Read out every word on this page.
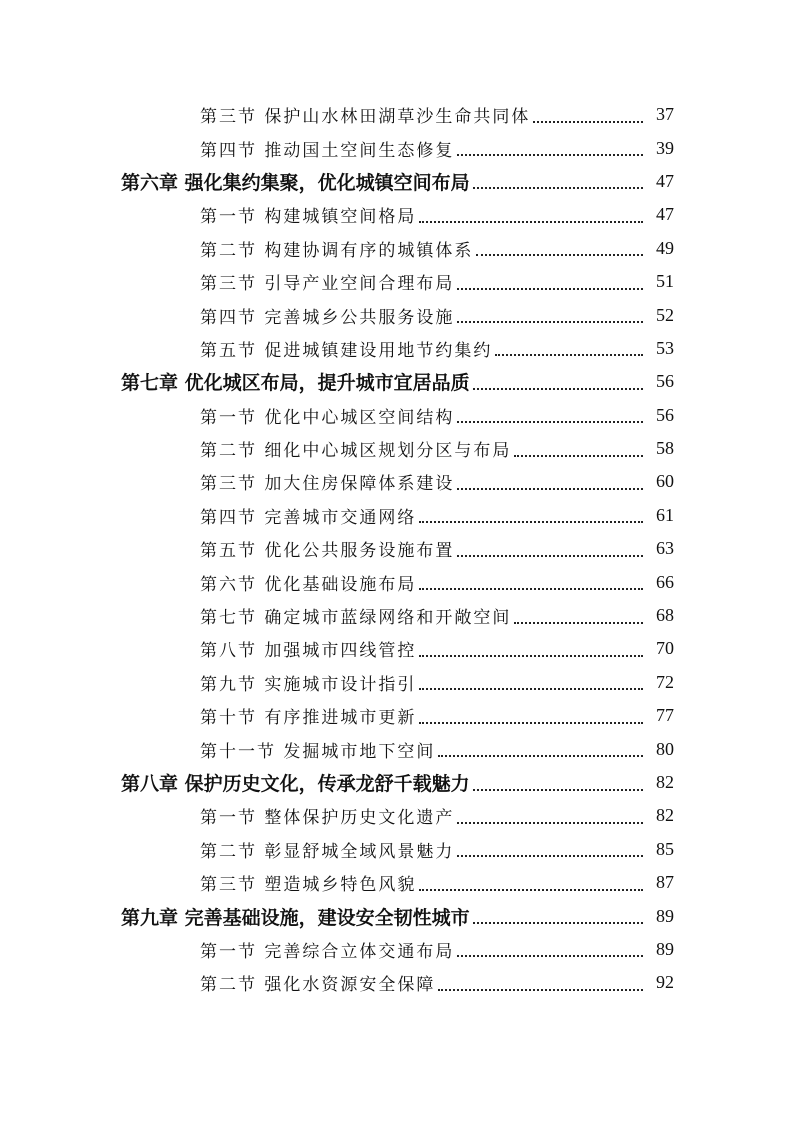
第三节 保护山水林田湖草沙生命共同体	37
第四节 推动国土空间生态修复	39
第六章 强化集约集聚，优化城镇空间布局	47
第一节 构建城镇空间格局	47
第二节 构建协调有序的城镇体系	49
第三节 引导产业空间合理布局	51
第四节 完善城乡公共服务设施	52
第五节 促进城镇建设用地节约集约	53
第七章 优化城区布局，提升城市宜居品质	56
第一节 优化中心城区空间结构	56
第二节 细化中心城区规划分区与布局	58
第三节 加大住房保障体系建设	60
第四节 完善城市交通网络	61
第五节 优化公共服务设施布置	63
第六节 优化基础设施布局	66
第七节 确定城市蓝绿网络和开敞空间	68
第八节 加强城市四线管控	70
第九节 实施城市设计指引	72
第十节 有序推进城市更新	77
第十一节 发掘城市地下空间	80
第八章 保护历史文化，传承龙舒千载魅力	82
第一节 整体保护历史文化遗产	82
第二节 彰显舒城全域风景魅力	85
第三节 塑造城乡特色风貌	87
第九章 完善基础设施，建设安全韧性城市	89
第一节 完善综合立体交通布局	89
第二节 强化水资源安全保障	92
